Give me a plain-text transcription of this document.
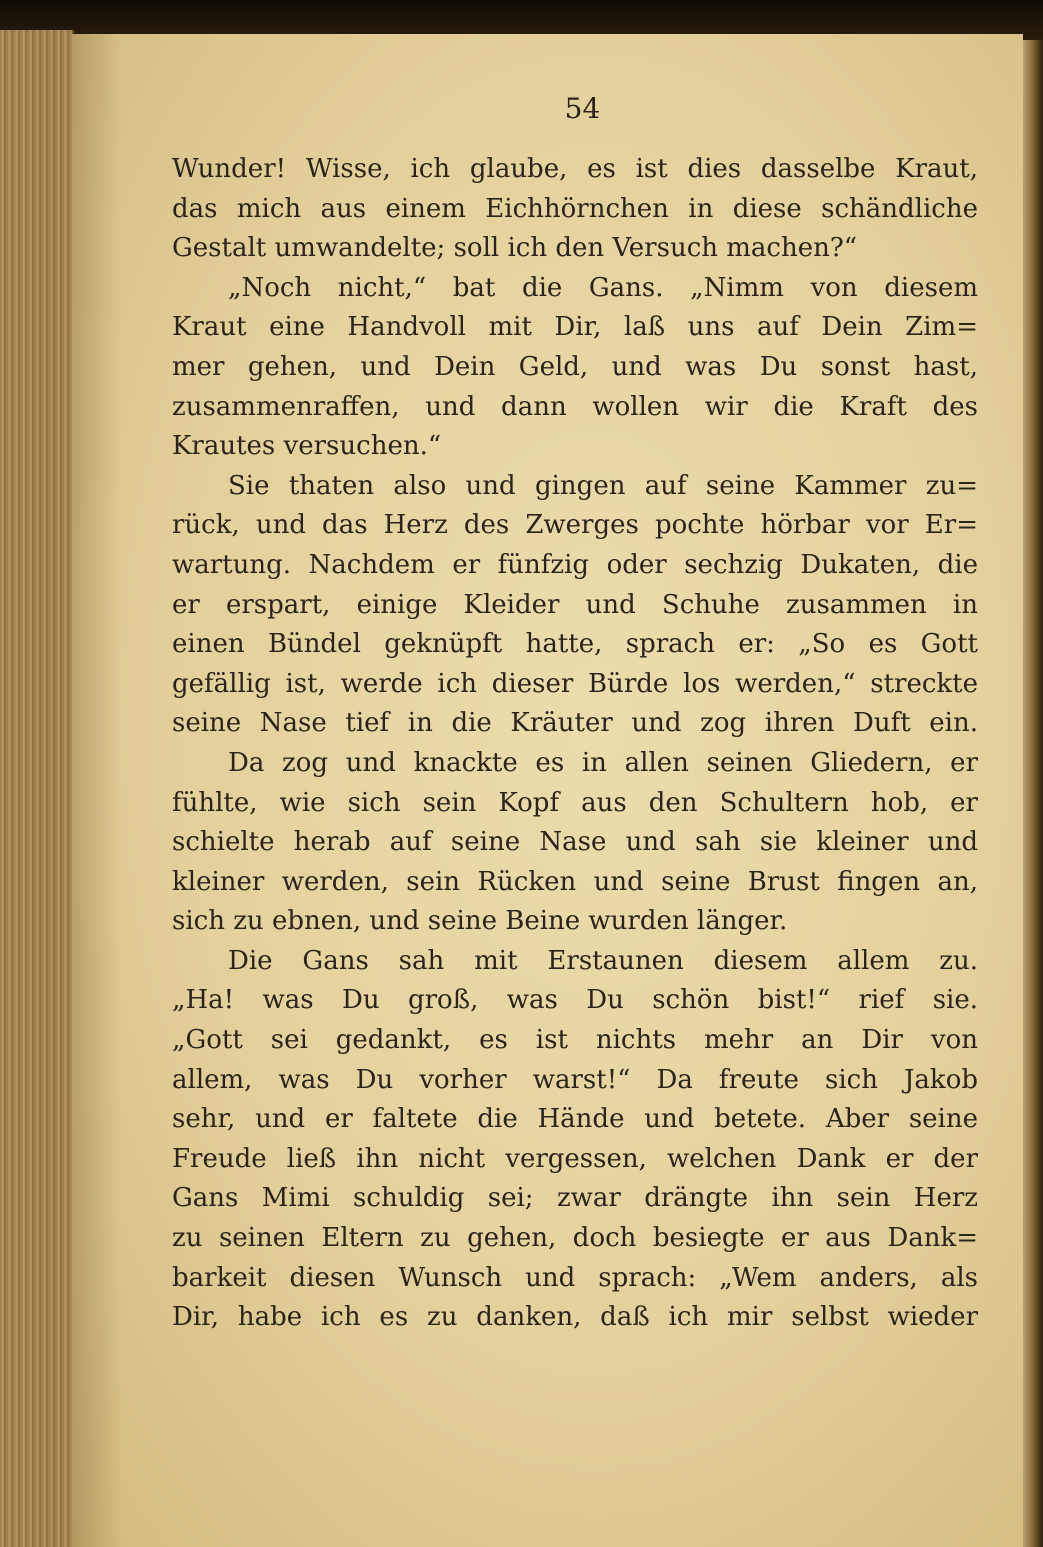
54
Wunder! Wisse, ich glaube, es ist dies dasselbe Kraut,
das mich aus einem Eichhörnchen in diese schändliche
Gestalt umwandelte; soll ich den Versuch machen?“
„Noch nicht,“ bat die Gans. „Nimm von diesem
Kraut eine Handvoll mit Dir, laß uns auf Dein Zim=
mer gehen, und Dein Geld, und was Du sonst hast,
zusammenraffen, und dann wollen wir die Kraft des
Krautes versuchen.“
Sie thaten also und gingen auf seine Kammer zu=
rück, und das Herz des Zwerges pochte hörbar vor Er=
wartung. Nachdem er fünfzig oder sechzig Dukaten, die
er erspart, einige Kleider und Schuhe zusammen in
einen Bündel geknüpft hatte, sprach er: „So es Gott
gefällig ist, werde ich dieser Bürde los werden,“ streckte
seine Nase tief in die Kräuter und zog ihren Duft ein.
Da zog und knackte es in allen seinen Gliedern, er
fühlte, wie sich sein Kopf aus den Schultern hob, er
schielte herab auf seine Nase und sah sie kleiner und
kleiner werden, sein Rücken und seine Brust fingen an,
sich zu ebnen, und seine Beine wurden länger.
Die Gans sah mit Erstaunen diesem allem zu.
„Ha! was Du groß, was Du schön bist!“ rief sie.
„Gott sei gedankt, es ist nichts mehr an Dir von
allem, was Du vorher warst!“ Da freute sich Jakob
sehr, und er faltete die Hände und betete. Aber seine
Freude ließ ihn nicht vergessen, welchen Dank er der
Gans Mimi schuldig sei; zwar drängte ihn sein Herz
zu seinen Eltern zu gehen, doch besiegte er aus Dank=
barkeit diesen Wunsch und sprach: „Wem anders, als
Dir, habe ich es zu danken, daß ich mir selbst wieder
